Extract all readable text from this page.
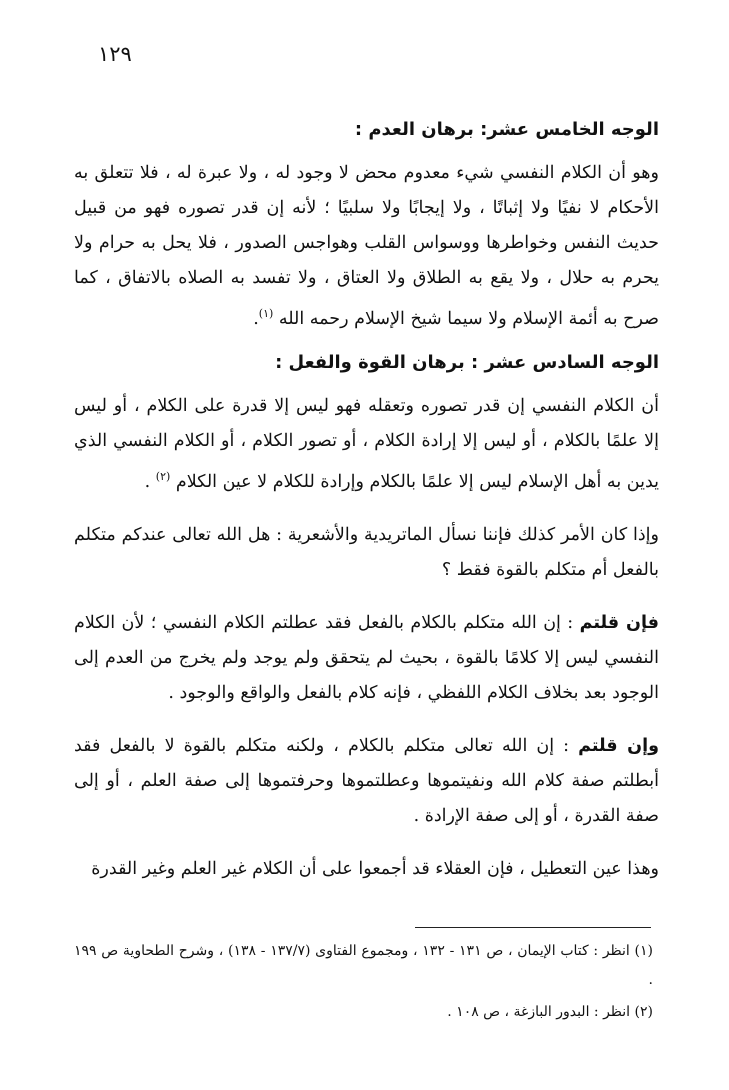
١٢٩
الوجه الخامس عشر: برهان العدم :

وهو أن الكلام النفسي شيء معدوم محض لا وجود له ، ولا عبرة له ، فلا تتعلق به الأحكام لا نفيًا ولا إثباتًا ، ولا إيجابًا ولا سلبيًا ؛ لأنه إن قدر تصوره فهو من قبيل حديث النفس وخواطرها ووسواس القلب وهواجس الصدور ، فلا يحل به حرام ولا يحرم به حلال ، ولا يقع به الطلاق ولا العتاق ، ولا تفسد به الصلاه بالاتفاق ، كما صرح به أئمة الإسلام ولا سيما شيخ الإسلام رحمه الله $^{(١)}$.

الوجه السادس عشر : برهان القوة والفعل :

أن الكلام النفسي إن قدر تصوره وتعقله فهو ليس إلا قدرة على الكلام ، أو ليس إلا علمًا بالكلام ، أو ليس إلا إرادة الكلام ، أو تصور الكلام ، أو الكلام النفسي الذي يدين به أهل الإسلام ليس إلا علمًا بالكلام وإرادة للكلام لا عين الكلام $^{(٢)}$ .

وإذا كان الأمر كذلك فإننا نسأل الماتريدية والأشعرية : هل الله تعالى عندكم متكلم بالفعل أم متكلم بالقوة فقط ؟

فإن قلتم : إن الله متكلم بالكلام بالفعل فقد عطلتم الكلام النفسي ؛ لأن الكلام النفسي ليس إلا كلامًا بالقوة ، بحيث لم يتحقق ولم يوجد ولم يخرج من العدم إلى الوجود بعد بخلاف الكلام اللفظي ، فإنه كلام بالفعل والواقع والوجود .

وإن قلتم : إن الله تعالى متكلم بالكلام ، ولكنه متكلم بالقوة لا بالفعل فقد أبطلتم صفة كلام الله ونفيتموها وعطلتموها وحرفتموها إلى صفة العلم ، أو إلى صفة القدرة ، أو إلى صفة الإرادة .

وهذا عين التعطيل ، فإن العقلاء قد أجمعوا على أن الكلام غير العلم وغير القدرة

(١) انظر : كتاب الإيمان ، ص ١٣١ - ١٣٢ ، ومجموع الفتاوى (١٣٧/٧ - ١٣٨) ، وشرح الطحاوية ص ١٩٩ .

(٢) انظر : البدور البازغة ، ص ١٠٨ .
